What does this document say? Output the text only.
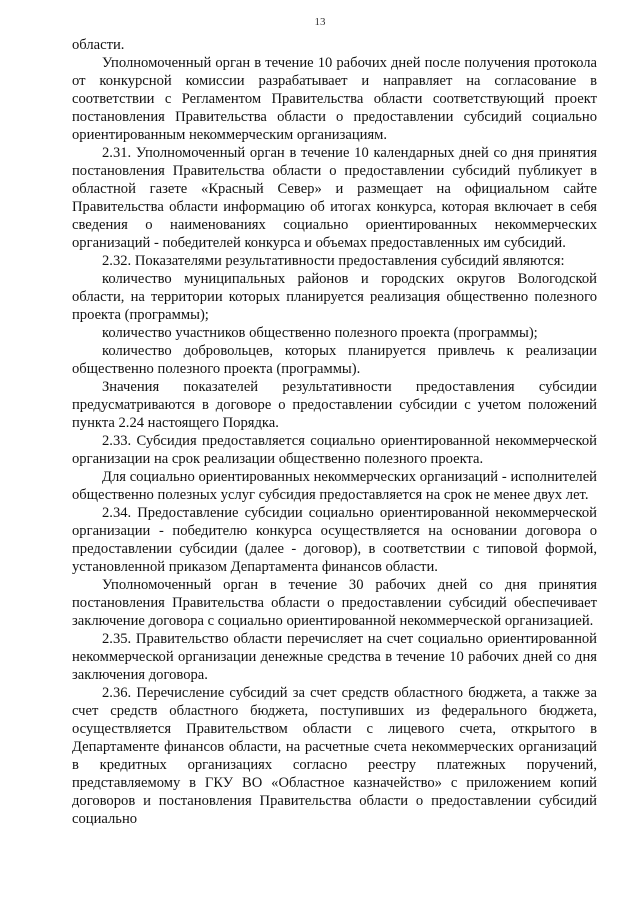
13

области.

Уполномоченный орган в течение 10 рабочих дней после получения протокола от конкурсной комиссии разрабатывает и направляет на согласование в соответствии с Регламентом Правительства области соответствующий проект постановления Правительства области о предоставлении субсидий социально ориентированным некоммерческим организациям.

2.31. Уполномоченный орган в течение 10 календарных дней со дня принятия постановления Правительства области о предоставлении субсидий публикует в областной газете «Красный Север» и размещает на официальном сайте Правительства области информацию об итогах конкурса, которая включает в себя сведения о наименованиях социально ориентированных некоммерческих организаций - победителей конкурса и объемах предоставленных им субсидий.

2.32. Показателями результативности предоставления субсидий являются:

количество муниципальных районов и городских округов Вологодской области, на территории которых планируется реализация общественно полезного проекта (программы);

количество участников общественно полезного проекта (программы);

количество добровольцев, которых планируется привлечь к реализации общественно полезного проекта (программы).

Значения показателей результативности предоставления субсидии предусматриваются в договоре о предоставлении субсидии с учетом положений пункта 2.24 настоящего Порядка.

2.33. Субсидия предоставляется социально ориентированной некоммерческой организации на срок реализации общественно полезного проекта.

Для социально ориентированных некоммерческих организаций - исполнителей общественно полезных услуг субсидия предоставляется на срок не менее двух лет.

2.34. Предоставление субсидии социально ориентированной некоммерческой организации - победителю конкурса осуществляется на основании договора о предоставлении субсидии (далее - договор), в соответствии с типовой формой, установленной приказом Департамента финансов области.

Уполномоченный орган в течение 30 рабочих дней со дня принятия постановления Правительства области о предоставлении субсидий обеспечивает заключение договора с социально ориентированной некоммерческой организацией.

2.35. Правительство области перечисляет на счет социально ориентированной некоммерческой организации денежные средства в течение 10 рабочих дней со дня заключения договора.

2.36. Перечисление субсидий за счет средств областного бюджета, а также за счет средств областного бюджета, поступивших из федерального бюджета, осуществляется Правительством области с лицевого счета, открытого в Департаменте финансов области, на расчетные счета некоммерческих организаций в кредитных организациях согласно реестру платежных поручений, представляемому в ГКУ ВО «Областное казначейство» с приложением копий договоров и постановления Правительства области о предоставлении субсидий социально
